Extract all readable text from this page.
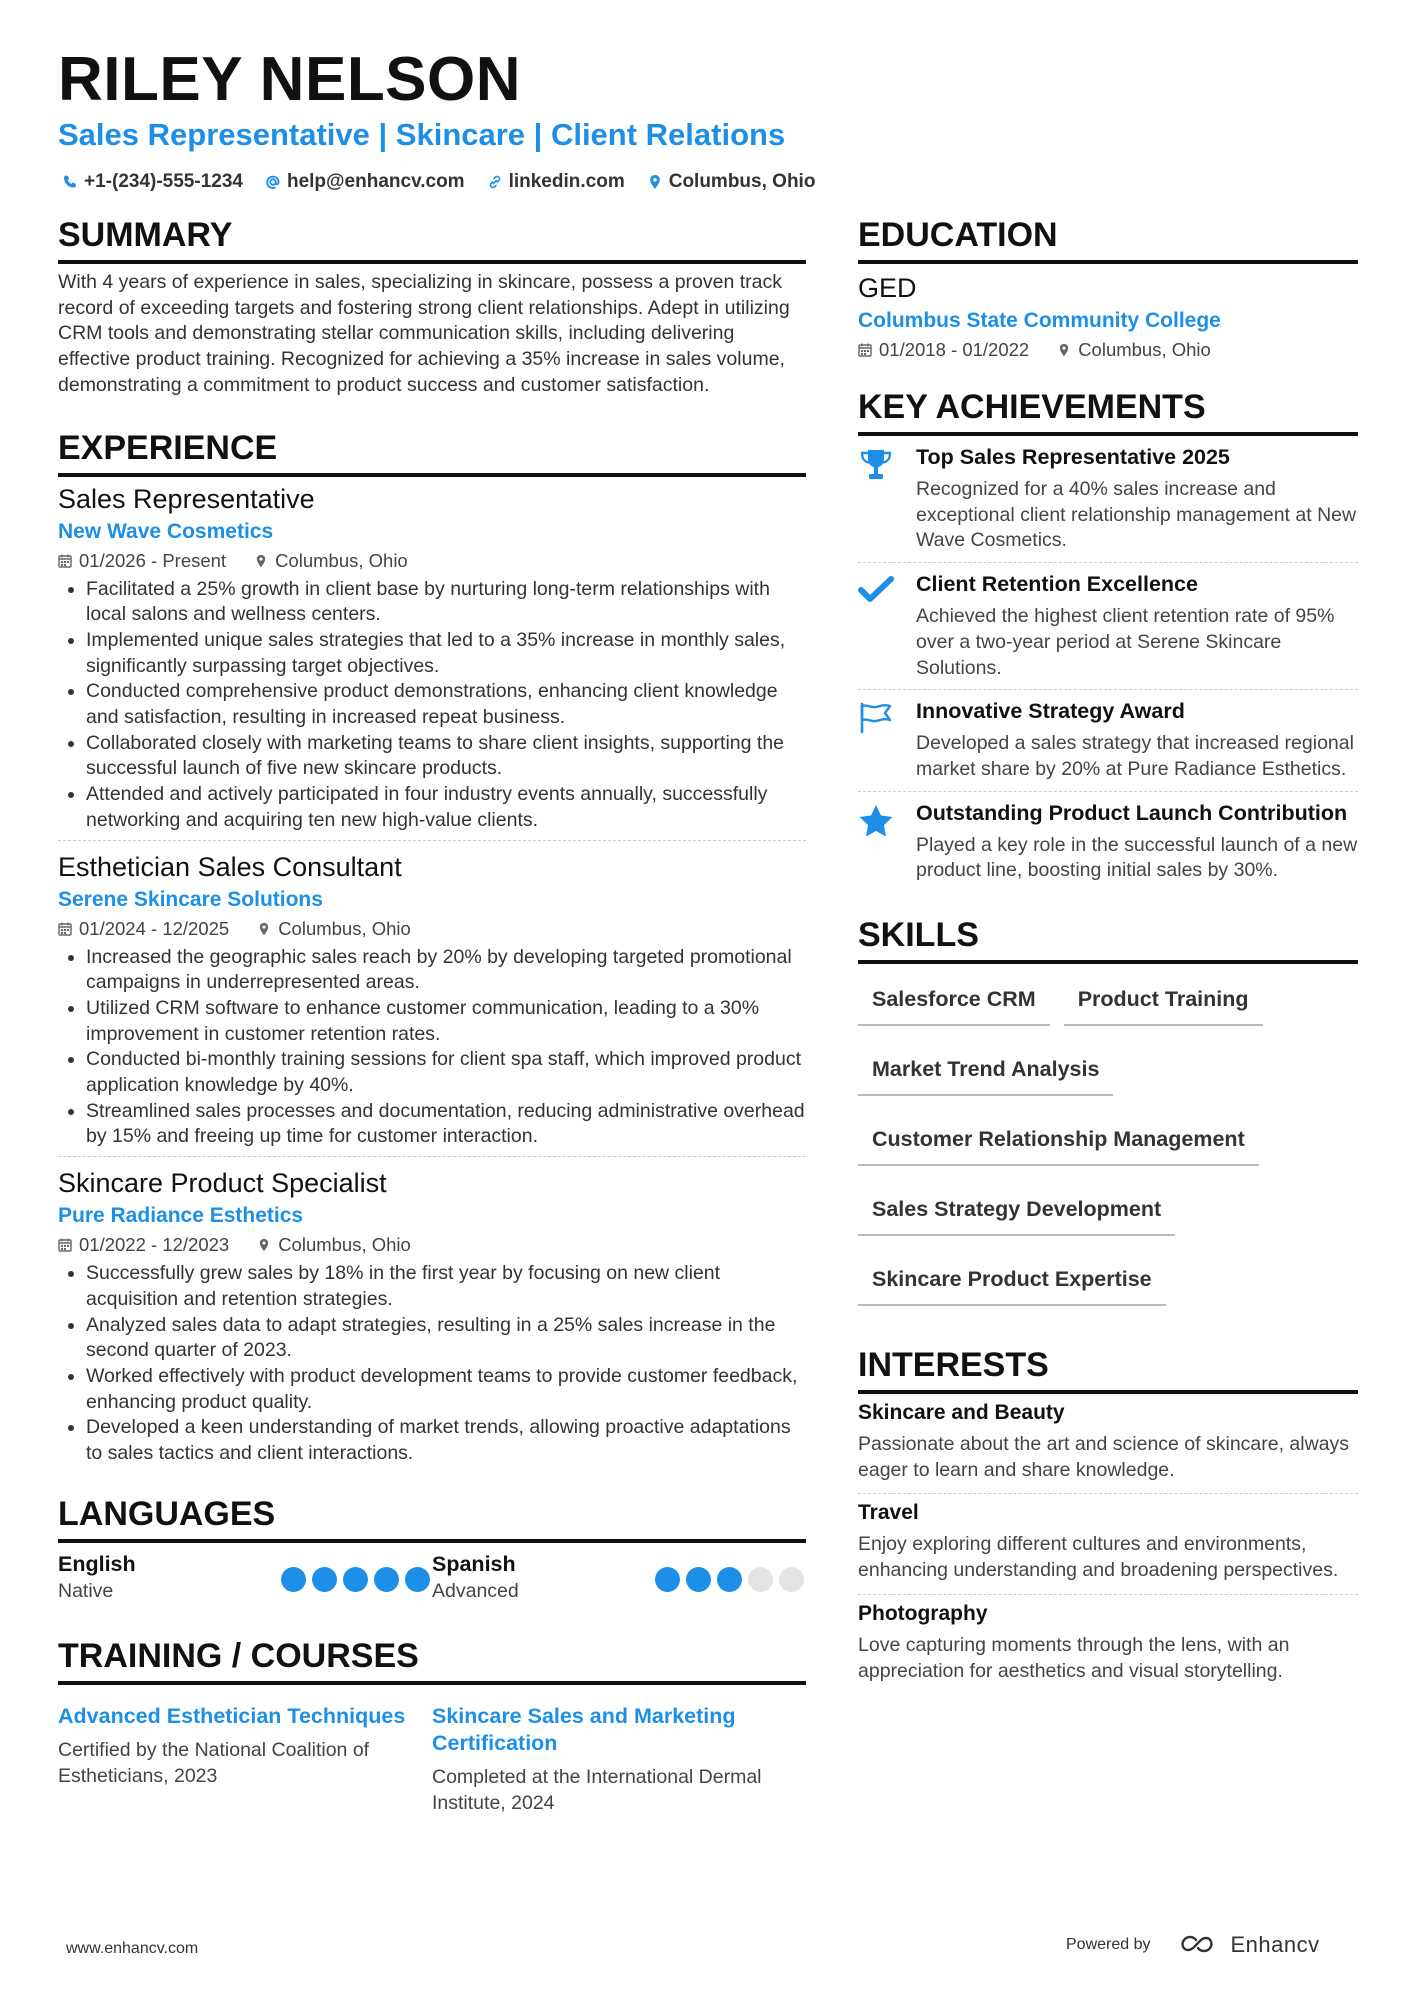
RILEY NELSON
Sales Representative | Skincare | Client Relations
+1-(234)-555-1234 help@enhancv.com linkedin.com Columbus, Ohio
SUMMARY
With 4 years of experience in sales, specializing in skincare, possess a proven track record of exceeding targets and fostering strong client relationships. Adept in utilizing CRM tools and demonstrating stellar communication skills, including delivering effective product training. Recognized for achieving a 35% increase in sales volume, demonstrating a commitment to product success and customer satisfaction.
EXPERIENCE
Sales Representative
New Wave Cosmetics
01/2026 - Present	Columbus, Ohio
• Facilitated a 25% growth in client base by nurturing long-term relationships with local salons and wellness centers.
• Implemented unique sales strategies that led to a 35% increase in monthly sales, significantly surpassing target objectives.
• Conducted comprehensive product demonstrations, enhancing client knowledge and satisfaction, resulting in increased repeat business.
• Collaborated closely with marketing teams to share client insights, supporting the successful launch of five new skincare products.
• Attended and actively participated in four industry events annually, successfully networking and acquiring ten new high-value clients.
Esthetician Sales Consultant
Serene Skincare Solutions
01/2024 - 12/2025	Columbus, Ohio
• Increased the geographic sales reach by 20% by developing targeted promotional campaigns in underrepresented areas.
• Utilized CRM software to enhance customer communication, leading to a 30% improvement in customer retention rates.
• Conducted bi-monthly training sessions for client spa staff, which improved product application knowledge by 40%.
• Streamlined sales processes and documentation, reducing administrative overhead by 15% and freeing up time for customer interaction.
Skincare Product Specialist
Pure Radiance Esthetics
01/2022 - 12/2023	Columbus, Ohio
• Successfully grew sales by 18% in the first year by focusing on new client acquisition and retention strategies.
• Analyzed sales data to adapt strategies, resulting in a 25% sales increase in the second quarter of 2023.
• Worked effectively with product development teams to provide customer feedback, enhancing product quality.
• Developed a keen understanding of market trends, allowing proactive adaptations to sales tactics and client interactions.
LANGUAGES
English
Native
Spanish
Advanced
TRAINING / COURSES
Advanced Esthetician Techniques
Certified by the National Coalition of Estheticians, 2023
Skincare Sales and Marketing Certification
Completed at the International Dermal Institute, 2024
EDUCATION
GED
Columbus State Community College
01/2018 - 01/2022	Columbus, Ohio
KEY ACHIEVEMENTS
Top Sales Representative 2025
Recognized for a 40% sales increase and exceptional client relationship management at New Wave Cosmetics.
Client Retention Excellence
Achieved the highest client retention rate of 95% over a two-year period at Serene Skincare Solutions.
Innovative Strategy Award
Developed a sales strategy that increased regional market share by 20% at Pure Radiance Esthetics.
Outstanding Product Launch Contribution
Played a key role in the successful launch of a new product line, boosting initial sales by 30%.
SKILLS
Salesforce CRM	Product Training
Market Trend Analysis
Customer Relationship Management
Sales Strategy Development
Skincare Product Expertise
INTERESTS
Skincare and Beauty
Passionate about the art and science of skincare, always eager to learn and share knowledge.
Travel
Enjoy exploring different cultures and environments, enhancing understanding and broadening perspectives.
Photography
Love capturing moments through the lens, with an appreciation for aesthetics and visual storytelling.
www.enhancv.com	Powered by	Enhancv
